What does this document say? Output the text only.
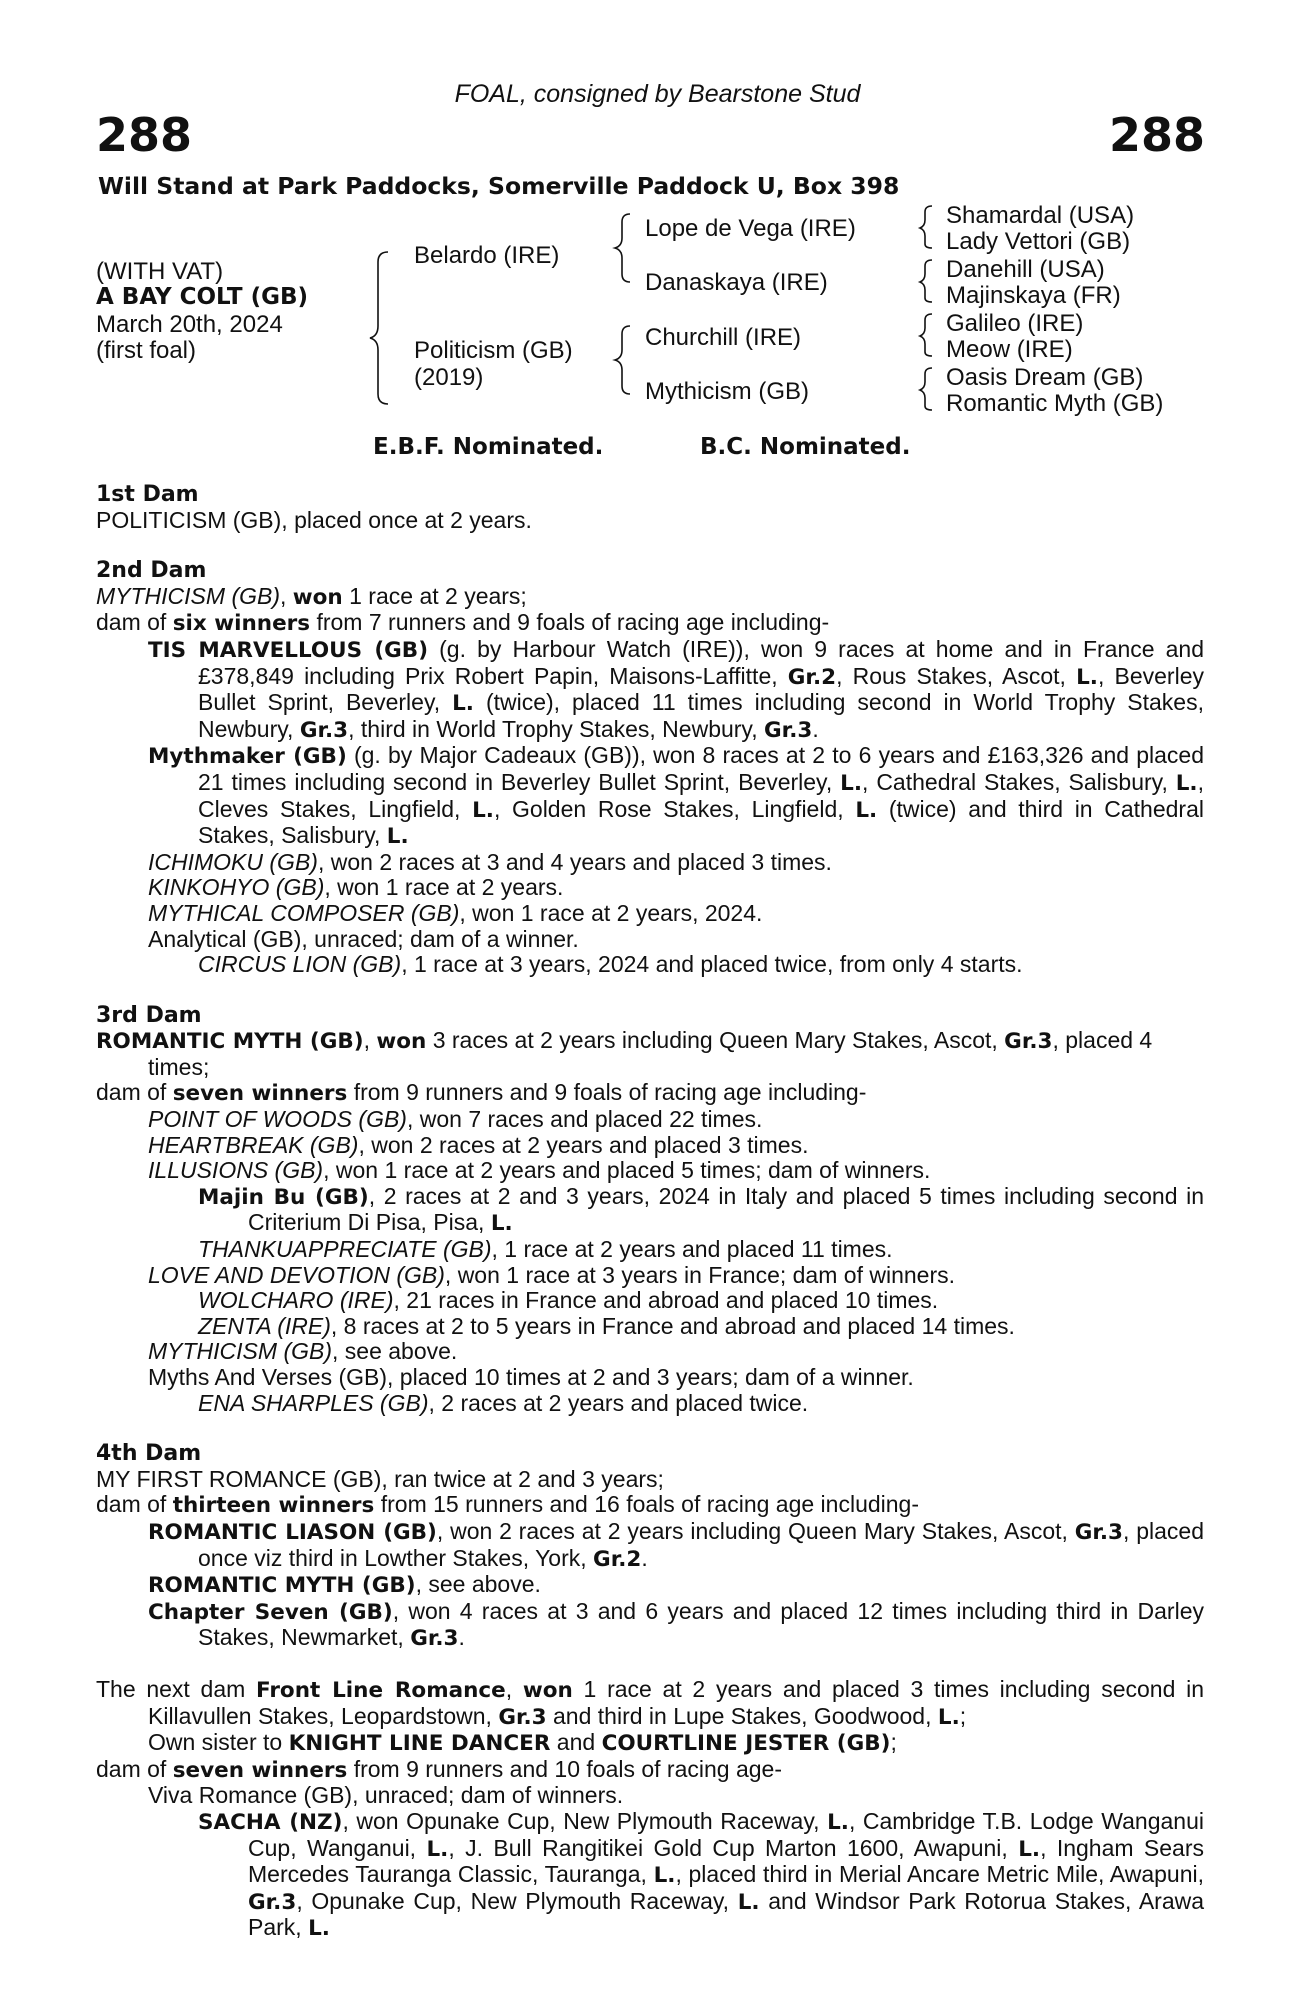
FOAL, consigned by Bearstone Stud
288	288
Will Stand at Park Paddocks, Somerville Paddock U, Box 398
(WITH VAT)
A BAY COLT (GB)
March 20th, 2024
(first foal)
Belardo (IRE)
Politicism (GB)
(2019)
Lope de Vega (IRE)
Danaskaya (IRE)
Churchill (IRE)
Mythicism (GB)
Shamardal (USA)
Lady Vettori (GB)
Danehill (USA)
Majinskaya (FR)
Galileo (IRE)
Meow (IRE)
Oasis Dream (GB)
Romantic Myth (GB)
E.B.F. Nominated.	B.C. Nominated.

1st Dam

POLITICISM (GB), placed once at 2 years.

2nd Dam

MYTHICISM (GB), won 1 race at 2 years;

dam of six winners from 7 runners and 9 foals of racing age including-

TIS MARVELLOUS (GB) (g. by Harbour Watch (IRE)), won 9 races at home and in France and £378,849 including Prix Robert Papin, Maisons-Laffitte, Gr.2, Rous Stakes, Ascot, L., Beverley Bullet Sprint, Beverley, L. (twice), placed 11 times including second in World Trophy Stakes, Newbury, Gr.3, third in World Trophy Stakes, Newbury, Gr.3.

Mythmaker (GB) (g. by Major Cadeaux (GB)), won 8 races at 2 to 6 years and £163,326 and placed 21 times including second in Beverley Bullet Sprint, Beverley, L., Cathedral Stakes, Salisbury, L., Cleves Stakes, Lingfield, L., Golden Rose Stakes, Lingfield, L. (twice) and third in Cathedral Stakes, Salisbury, L.

ICHIMOKU (GB), won 2 races at 3 and 4 years and placed 3 times.

KINKOHYO (GB), won 1 race at 2 years.

MYTHICAL COMPOSER (GB), won 1 race at 2 years, 2024.

Analytical (GB), unraced; dam of a winner.

CIRCUS LION (GB), 1 race at 3 years, 2024 and placed twice, from only 4 starts.

3rd Dam

ROMANTIC MYTH (GB), won 3 races at 2 years including Queen Mary Stakes, Ascot, Gr.3, placed 4 times;

dam of seven winners from 9 runners and 9 foals of racing age including-

POINT OF WOODS (GB), won 7 races and placed 22 times.

HEARTBREAK (GB), won 2 races at 2 years and placed 3 times.

ILLUSIONS (GB), won 1 race at 2 years and placed 5 times; dam of winners.

Majin Bu (GB), 2 races at 2 and 3 years, 2024 in Italy and placed 5 times including second in Criterium Di Pisa, Pisa, L.

THANKUAPPRECIATE (GB), 1 race at 2 years and placed 11 times.

LOVE AND DEVOTION (GB), won 1 race at 3 years in France; dam of winners.

WOLCHARO (IRE), 21 races in France and abroad and placed 10 times.

ZENTA (IRE), 8 races at 2 to 5 years in France and abroad and placed 14 times.

MYTHICISM (GB), see above.

Myths And Verses (GB), placed 10 times at 2 and 3 years; dam of a winner.

ENA SHARPLES (GB), 2 races at 2 years and placed twice.

4th Dam

MY FIRST ROMANCE (GB), ran twice at 2 and 3 years;

dam of thirteen winners from 15 runners and 16 foals of racing age including-

ROMANTIC LIASON (GB), won 2 races at 2 years including Queen Mary Stakes, Ascot, Gr.3, placed once viz third in Lowther Stakes, York, Gr.2.

ROMANTIC MYTH (GB), see above.

Chapter Seven (GB), won 4 races at 3 and 6 years and placed 12 times including third in Darley Stakes, Newmarket, Gr.3.

The next dam Front Line Romance, won 1 race at 2 years and placed 3 times including second in Killavullen Stakes, Leopardstown, Gr.3 and third in Lupe Stakes, Goodwood, L.;

Own sister to KNIGHT LINE DANCER and COURTLINE JESTER (GB);

dam of seven winners from 9 runners and 10 foals of racing age-

Viva Romance (GB), unraced; dam of winners.

SACHA (NZ), won Opunake Cup, New Plymouth Raceway, L., Cambridge T.B. Lodge Wanganui Cup, Wanganui, L., J. Bull Rangitikei Gold Cup Marton 1600, Awapuni, L., Ingham Sears Mercedes Tauranga Classic, Tauranga, L., placed third in Merial Ancare Metric Mile, Awapuni, Gr.3, Opunake Cup, New Plymouth Raceway, L. and Windsor Park Rotorua Stakes, Arawa Park, L.
